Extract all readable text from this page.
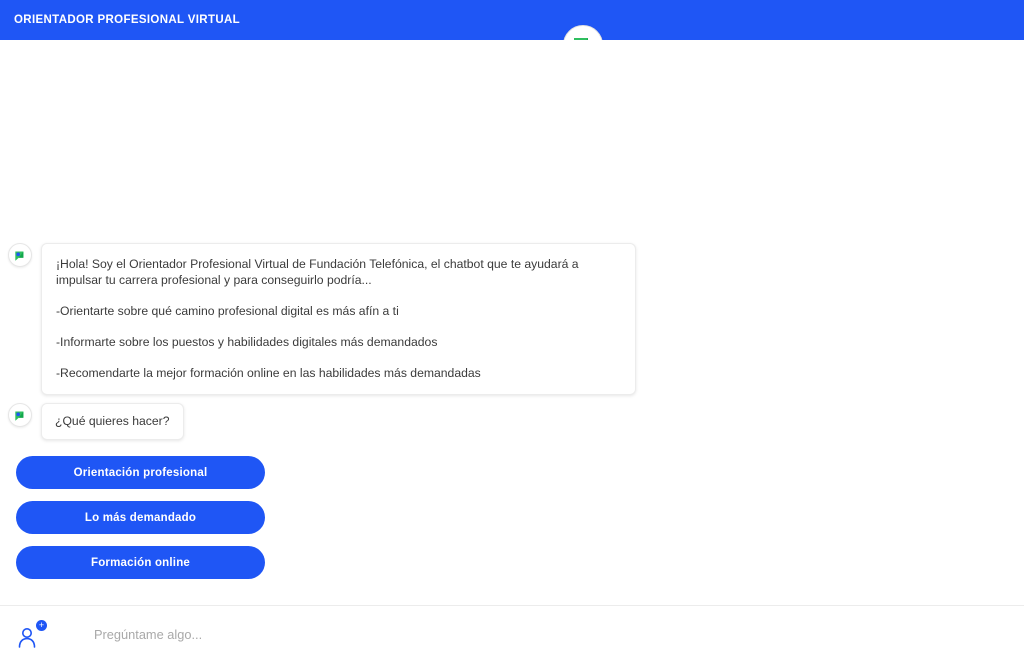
ORIENTADOR PROFESIONAL VIRTUAL

¡Hola! Soy el Orientador Profesional Virtual de Fundación Telefónica, el chatbot que te ayudará a impulsar tu carrera profesional y para conseguirlo podría...

-Orientarte sobre qué camino profesional digital es más afín a ti

-Informarte sobre los puestos y habilidades digitales más demandados

-Recomendarte la mejor formación online en las habilidades más demandadas

¿Qué quieres hacer?
Orientación profesional
Lo más demandado
Formación online
+
Pregúntame algo...
